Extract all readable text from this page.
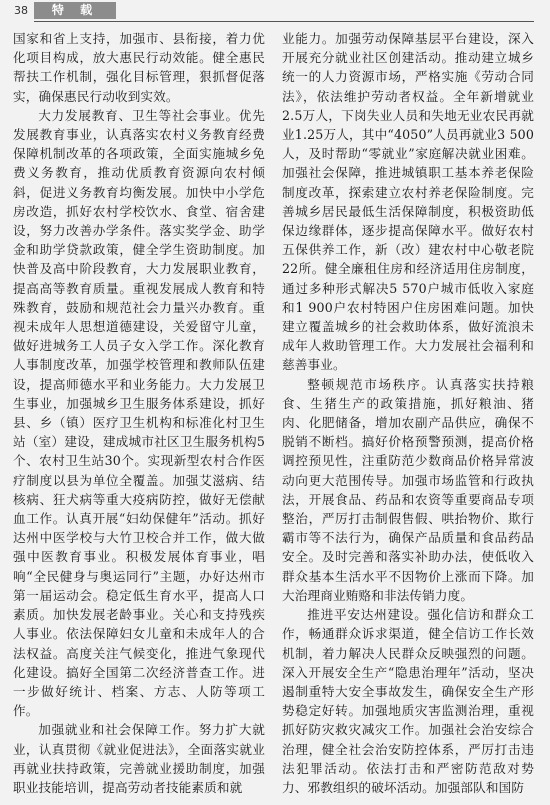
38	特 载

国家和省上支持，加强市、县衔接，着力优化项目构成，放大惠民行动效能。健全惠民帮扶工作机制，强化目标管理，狠抓督促落实，确保惠民行动收到实效。

大力发展教育、卫生等社会事业。优先发展教育事业，认真落实农村义务教育经费保障机制改革的各项政策，全面实施城乡免费义务教育，推动优质教育资源向农村倾斜，促进义务教育均衡发展。加快中小学危房改造，抓好农村学校饮水、食堂、宿舍建设，努力改善办学条件。落实奖学金、助学金和助学贷款政策，健全学生资助制度。加快普及高中阶段教育，大力发展职业教育，提高高等教育质量。重视发展成人教育和特殊教育，鼓励和规范社会力量兴办教育。重视未成年人思想道德建设，关爱留守儿童，做好进城务工人员子女入学工作。深化教育人事制度改革，加强学校管理和教师队伍建设，提高师德水平和业务能力。大力发展卫生事业，加强城乡卫生服务体系建设，抓好县、乡（镇）医疗卫生机构和标准化村卫生站（室）建设，建成城市社区卫生服务机构5个、农村卫生站30个。实现新型农村合作医疗制度以县为单位全覆盖。加强艾滋病、结核病、狂犬病等重大疫病防控，做好无偿献血工作。认真开展“妇幼保健年”活动。抓好达州中医学校与大竹卫校合并工作，做大做强中医教育事业。积极发展体育事业，唱响“全民健身与奥运同行”主题，办好达州市第一届运动会。稳定低生育水平，提高人口素质。加快发展老龄事业。关心和支持残疾人事业。依法保障妇女儿童和未成年人的合法权益。高度关注气候变化，推进气象现代化建设。搞好全国第二次经济普查工作。进一步做好统计、档案、方志、人防等项工作。

加强就业和社会保障工作。努力扩大就业，认真贯彻《就业促进法》，全面落实就业再就业扶持政策，完善就业援助制度，加强职业技能培训，提高劳动者技能素质和就

业能力。加强劳动保障基层平台建设，深入开展充分就业社区创建活动。推动建立城乡统一的人力资源市场，严格实施《劳动合同法》，依法维护劳动者权益。全年新增就业2.5万人，下岗失业人员和失地无业农民再就业1.25万人，其中“4050”人员再就业3 500人，及时帮助“零就业”家庭解决就业困难。加强社会保障，推进城镇职工基本养老保险制度改革，探索建立农村养老保险制度。完善城乡居民最低生活保障制度，积极资助低保边缘群体，逐步提高保障水平。做好农村五保供养工作，新（改）建农村中心敬老院22所。健全廉租住房和经济适用住房制度，通过多种形式解决5 570户城市低收入家庭和1 900户农村特困户住房困难问题。加快建立覆盖城乡的社会救助体系，做好流浪未成年人救助管理工作。大力发展社会福利和慈善事业。

整顿规范市场秩序。认真落实扶持粮食、生猪生产的政策措施，抓好粮油、猪肉、化肥储备，增加农副产品供应，确保不脱销不断档。搞好价格预警预测，提高价格调控预见性，注重防范少数商品价格异常波动向更大范围传导。加强市场监管和行政执法，开展食品、药品和农资等重要商品专项整治，严厉打击制假售假、哄抬物价、欺行霸市等不法行为，确保产品质量和食品药品安全。及时完善和落实补助办法，使低收入群众基本生活水平不因物价上涨而下降。加大治理商业贿赂和非法传销力度。

推进平安达州建设。强化信访和群众工作，畅通群众诉求渠道，健全信访工作长效机制，着力解决人民群众反映强烈的问题。深入开展安全生产“隐患治理年”活动，坚决遏制重特大安全事故发生，确保安全生产形势稳定好转。加强地质灾害监测治理，重视抓好防灾救灾减灾工作。加强社会治安综合治理，健全社会治安防控体系，严厉打击违法犯罪活动。依法打击和严密防范敌对势力、邪教组织的破坏活动。加强部队和国防
